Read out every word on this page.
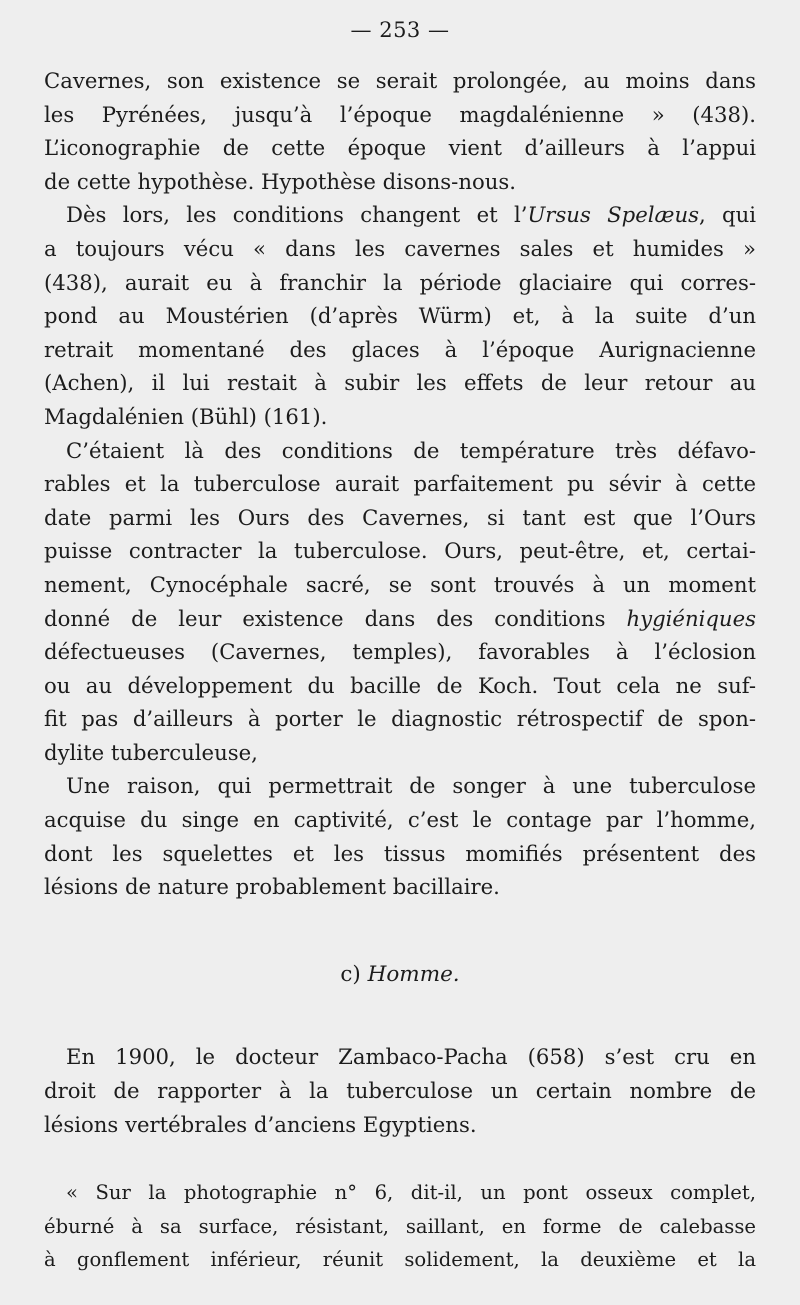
— 253 —
Cavernes, son existence se serait prolongée, au moins dans
les Pyrénées, jusqu’à l’époque magdalénienne » (438).
L’iconographie de cette époque vient d’ailleurs à l’appui
de cette hypothèse. Hypothèse disons-nous.
Dès lors, les conditions changent et l’Ursus Spelæus, qui
a toujours vécu « dans les cavernes sales et humides »
(438), aurait eu à franchir la période glaciaire qui corres-
pond au Moustérien (d’après Würm) et, à la suite d’un
retrait momentané des glaces à l’époque Aurignacienne
(Achen), il lui restait à subir les effets de leur retour au
Magdalénien (Bühl) (161).
C’étaient là des conditions de température très défavo-
rables et la tuberculose aurait parfaitement pu sévir à cette
date parmi les Ours des Cavernes, si tant est que l’Ours
puisse contracter la tuberculose. Ours, peut-être, et, certai-
nement, Cynocéphale sacré, se sont trouvés à un moment
donné de leur existence dans des conditions hygiéniques
défectueuses (Cavernes, temples), favorables à l’éclosion
ou au développement du bacille de Koch. Tout cela ne suf-
fit pas d’ailleurs à porter le diagnostic rétrospectif de spon-
dylite tuberculeuse,
Une raison, qui permettrait de songer à une tuberculose
acquise du singe en captivité, c’est le contage par l’homme,
dont les squelettes et les tissus momifiés présentent des
lésions de nature probablement bacillaire.
c) Homme.
En 1900, le docteur Zambaco-Pacha (658) s’est cru en
droit de rapporter à la tuberculose un certain nombre de
lésions vertébrales d’anciens Egyptiens.
« Sur la photographie n° 6, dit-il, un pont osseux complet,
éburné à sa surface, résistant, saillant, en forme de calebasse
à gonflement inférieur, réunit solidement, la deuxième et la
